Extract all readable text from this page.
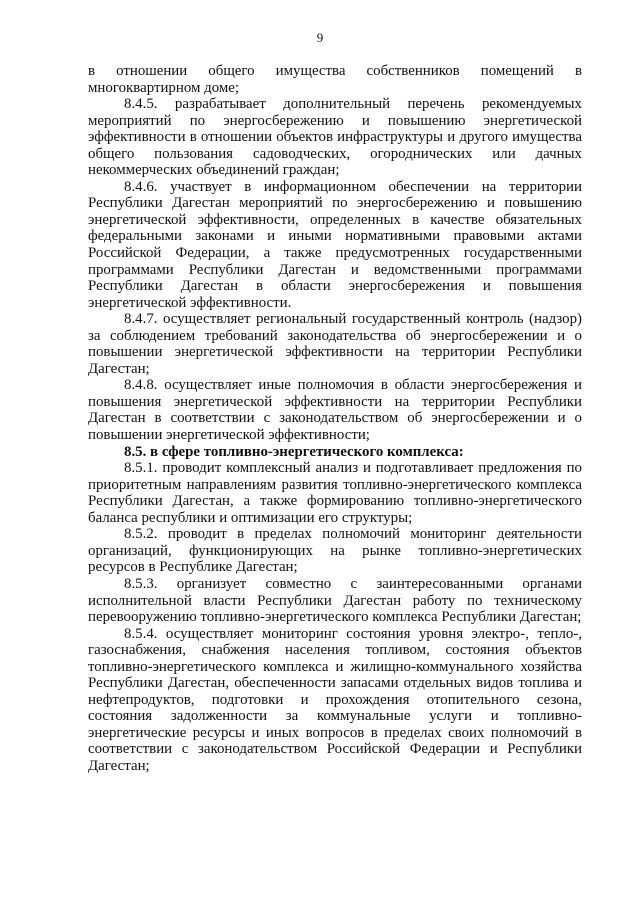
9

в отношении общего имущества собственников помещений в многоквартирном доме;

8.4.5. разрабатывает дополнительный перечень рекомендуемых мероприятий по энергосбережению и повышению энергетической эффективности в отношении объектов инфраструктуры и другого имущества общего пользования садоводческих, огороднических или дачных некоммерческих объединений граждан;

8.4.6. участвует в информационном обеспечении на территории Республики Дагестан мероприятий по энергосбережению и повышению энергетической эффективности, определенных в качестве обязательных федеральными законами и иными нормативными правовыми актами Российской Федерации, а также предусмотренных государственными программами Республики Дагестан и ведомственными программами Республики Дагестан в области энергосбережения и повышения энергетической эффективности.

8.4.7. осуществляет региональный государственный контроль (надзор) за соблюдением требований законодательства об энергосбережении и о повышении энергетической эффективности на территории Республики Дагестан;

8.4.8. осуществляет иные полномочия в области энергосбережения и повышения энергетической эффективности на территории Республики Дагестан в соответствии с законодательством об энергосбережении и о повышении энергетической эффективности;

8.5. в сфере топливно-энергетического комплекса:

8.5.1. проводит комплексный анализ и подготавливает предложения по приоритетным направлениям развития топливно-энергетического комплекса Республики Дагестан, а также формированию топливно-энергетического баланса республики и оптимизации его структуры;

8.5.2. проводит в пределах полномочий мониторинг деятельности организаций, функционирующих на рынке топливно-энергетических ресурсов в Республике Дагестан;

8.5.3. организует совместно с заинтересованными органами исполнительной власти Республики Дагестан работу по техническому перевооружению топливно-энергетического комплекса Республики Дагестан;

8.5.4. осуществляет мониторинг состояния уровня электро-, тепло-, газоснабжения, снабжения населения топливом, состояния объектов топливно-энергетического комплекса и жилищно-коммунального хозяйства Республики Дагестан, обеспеченности запасами отдельных видов топлива и нефтепродуктов, подготовки и прохождения отопительного сезона, состояния задолженности за коммунальные услуги и топливно-энергетические ресурсы и иных вопросов в пределах своих полномочий в соответствии с законодательством Российской Федерации и Республики Дагестан;
